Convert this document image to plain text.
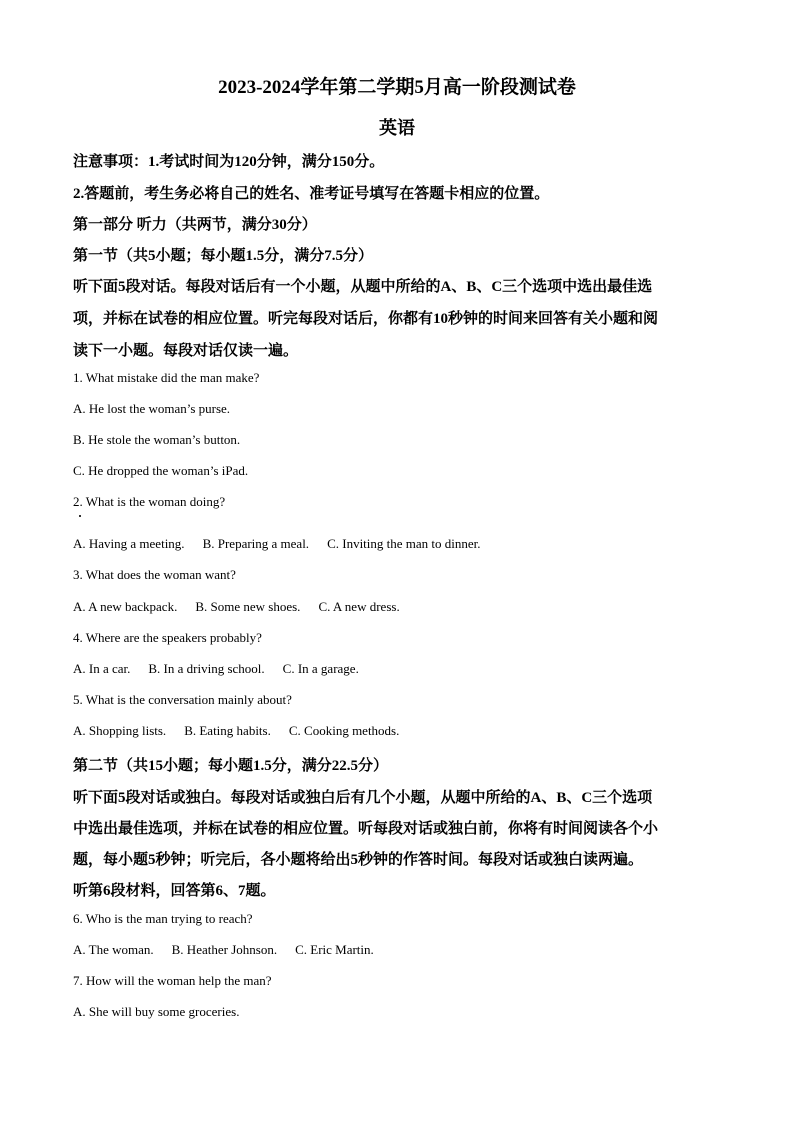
2023-2024学年第二学期5月高一阶段测试卷
英语
注意事项：1.考试时间为120分钟，满分150分。
2.答题前，考生务必将自己的姓名、准考证号填写在答题卡相应的位置。
第一部分 听力（共两节，满分30分）
第一节（共5小题；每小题1.5分，满分7.5分）
听下面5段对话。每段对话后有一个小题，从题中所给的A、B、C三个选项中选出最佳选
项，并标在试卷的相应位置。听完每段对话后，你都有10秒钟的时间来回答有关小题和阅
读下一小题。每段对话仅读一遍。
1. What mistake did the man make?
A. He lost the woman’s purse.
B. He stole the woman’s button.
C. He dropped the woman’s iPad.
2. What is the woman doing?
A. Having a meeting. B. Preparing a meal. C. Inviting the man to dinner.
3. What does the woman want?
A. A new backpack. B. Some new shoes. C. A new dress.
4. Where are the speakers probably?
A. In a car. B. In a driving school. C. In a garage.
5. What is the conversation mainly about?
A. Shopping lists. B. Eating habits. C. Cooking methods.
第二节（共15小题；每小题1.5分，满分22.5分）
听下面5段对话或独白。每段对话或独白后有几个小题，从题中所给的A、B、C三个选项
中选出最佳选项，并标在试卷的相应位置。听每段对话或独白前，你将有时间阅读各个小
题，每小题5秒钟；听完后，各小题将给出5秒钟的作答时间。每段对话或独白读两遍。
听第6段材料，回答第6、7题。
6. Who is the man trying to reach?
A. The woman. B. Heather Johnson. C. Eric Martin.
7. How will the woman help the man?
A. She will buy some groceries.
